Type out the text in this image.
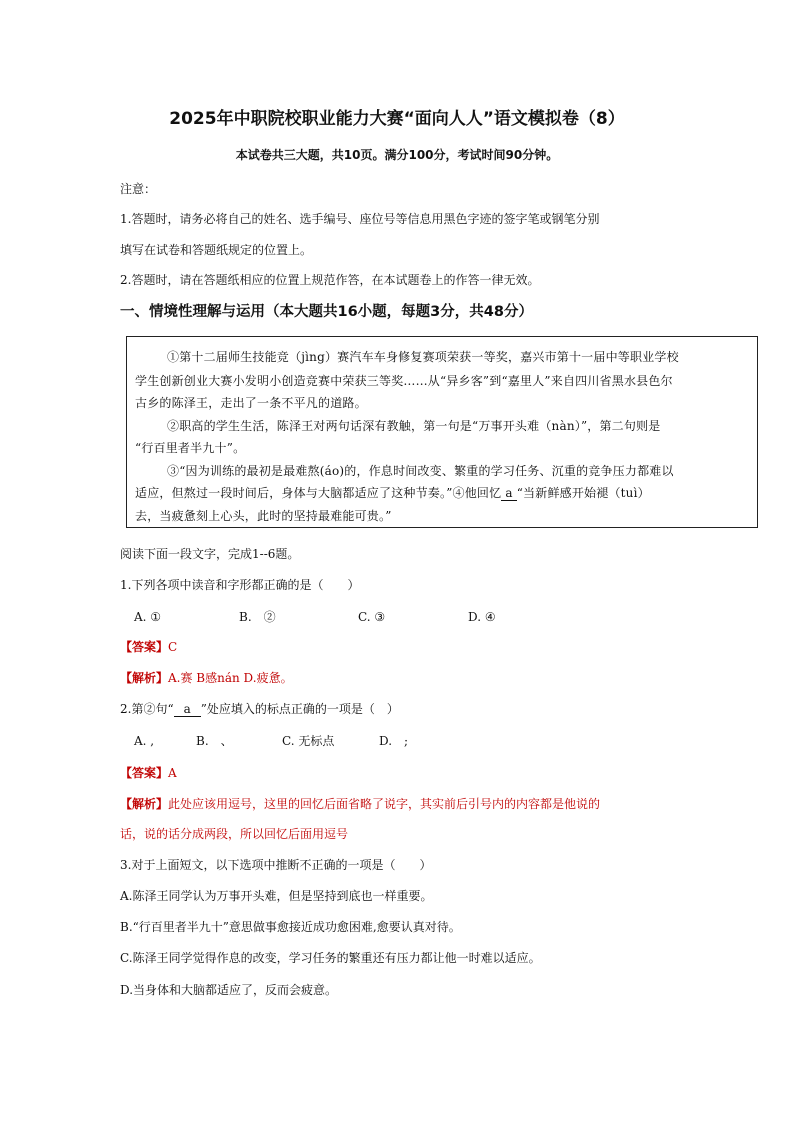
2025年中职院校职业能力大赛“面向人人”语文模拟卷（8）
本试卷共三大题，共10页。满分100分，考试时间90分钟。
注意：
1.答题时，请务必将自己的姓名、选手编号、座位号等信息用黑色字迹的签字笔或钢笔分别
填写在试卷和答题纸规定的位置上。
2.答题时，请在答题纸相应的位置上规范作答，在本试题卷上的作答一律无效。
一、情境性理解与运用（本大题共16小题，每题3分，共48分）
①第十二届师生技能竞（jìng）赛汽车车身修复赛项荣获一等奖，嘉兴市第十一届中等职业学校
学生创新创业大赛小发明小创造竞赛中荣获三等奖……从“异乡客”到“嘉里人”来自四川省黑水县色尔
古乡的陈泽王，走出了一条不平凡的道路。
②职高的学生生活，陈泽王对两句话深有教触，第一句是“万事开头难（nàn）”，第二句则是
“行百里者半九十”。
③“因为训练的最初是最难熬(áo)的，作息时间改变、繁重的学习任务、沉重的竞争压力都难以
适应，但熬过一段时间后，身体与大脑都适应了这种节奏。”④他回忆 a “当新鲜感开始褪（tuì）
去，当疲惫刻上心头，此时的坚持最难能可贵。”
阅读下面一段文字，完成1--6题。
1.下列各项中读音和字形都正确的是（　　）
A. ①	B.　②	C. ③	D. ④
【答案】C
【解析】A.赛 B感nán D.疲惫。
2.第②句“ a ”处应填入的标点正确的一项是（　）
A. ,	B.　、	C. 无标点	D.　;
【答案】A
【解析】此处应该用逗号，这里的回忆后面省略了说字，其实前后引号内的内容都是他说的
话，说的话分成两段，所以回忆后面用逗号
3.对于上面短文，以下选项中推断不正确的一项是（　　）
A.陈泽王同学认为万事开头难，但是坚持到底也一样重要。
B.“行百里者半九十”意思做事愈接近成功愈困难,愈要认真对待。
C.陈泽王同学觉得作息的改变，学习任务的繁重还有压力都让他一时难以适应。
D.当身体和大脑都适应了，反而会疲意。
